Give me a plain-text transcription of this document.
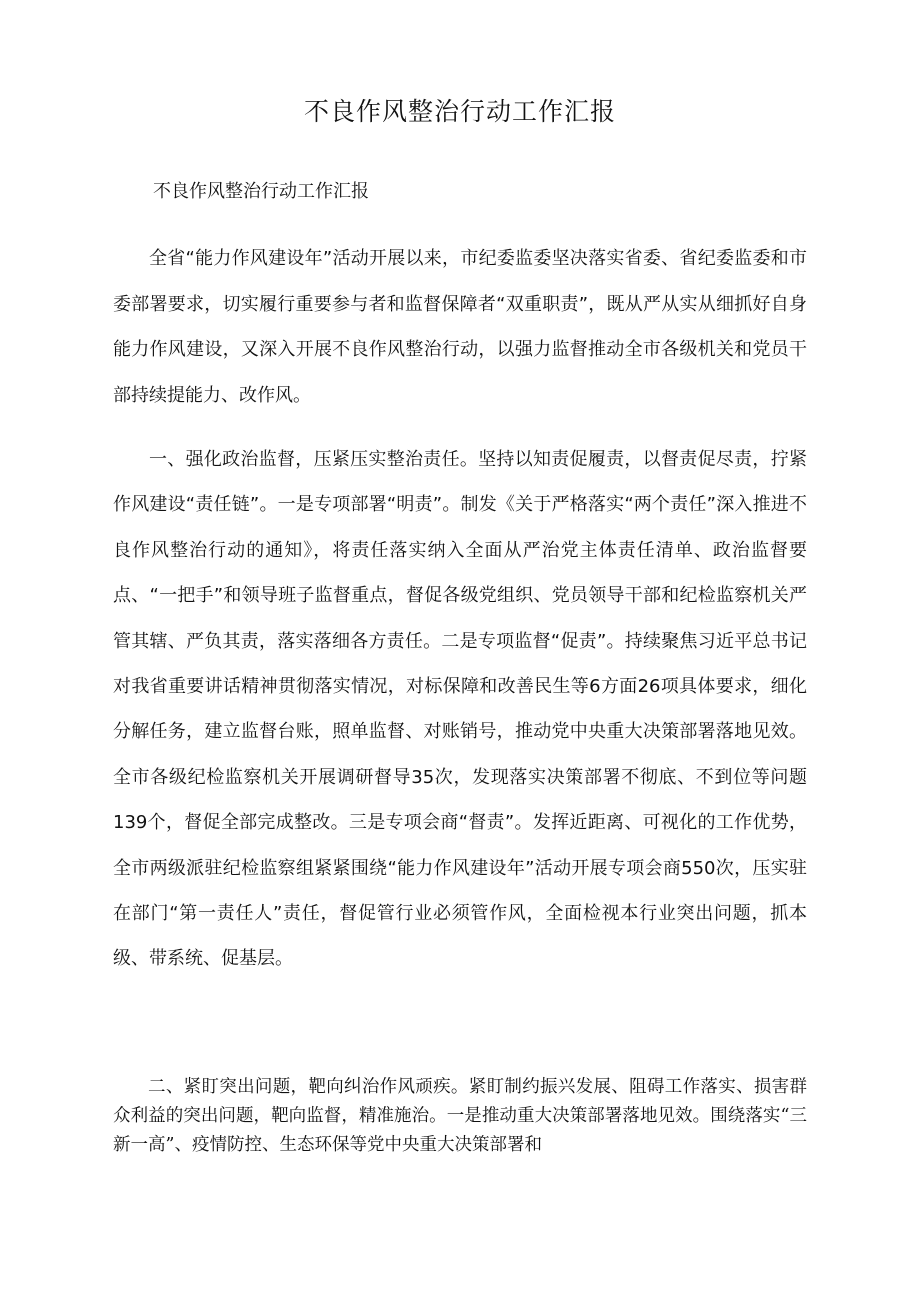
不良作风整治行动工作汇报

不良作风整治行动工作汇报

全省“能力作风建设年”活动开展以来，市纪委监委坚决落实省委、省纪委监委和市委部署要求，切实履行重要参与者和监督保障者“双重职责”，既从严从实从细抓好自身能力作风建设，又深入开展不良作风整治行动，以强力监督推动全市各级机关和党员干部持续提能力、改作风。

一、强化政治监督，压紧压实整治责任。坚持以知责促履责，以督责促尽责，拧紧作风建设“责任链”。一是专项部署“明责”。制发《关于严格落实“两个责任”深入推进不良作风整治行动的通知》，将责任落实纳入全面从严治党主体责任清单、政治监督要点、“一把手”和领导班子监督重点，督促各级党组织、党员领导干部和纪检监察机关严管其辖、严负其责，落实落细各方责任。二是专项监督“促责”。持续聚焦习近平总书记对我省重要讲话精神贯彻落实情况，对标保障和改善民生等6方面26项具体要求，细化分解任务，建立监督台账，照单监督、对账销号，推动党中央重大决策部署落地见效。全市各级纪检监察机关开展调研督导35次，发现落实决策部署不彻底、不到位等问题139个，督促全部完成整改。三是专项会商“督责”。发挥近距离、可视化的工作优势，全市两级派驻纪检监察组紧紧围绕“能力作风建设年”活动开展专项会商550次，压实驻在部门“第一责任人”责任，督促管行业必须管作风，全面检视本行业突出问题，抓本级、带系统、促基层。

二、紧盯突出问题，靶向纠治作风顽疾。紧盯制约振兴发展、阻碍工作落实、损害群众利益的突出问题，靶向监督，精准施治。一是推动重大决策部署落地见效。围绕落实“三新一高”、疫情防控、生态环保等党中央重大决策部署和
